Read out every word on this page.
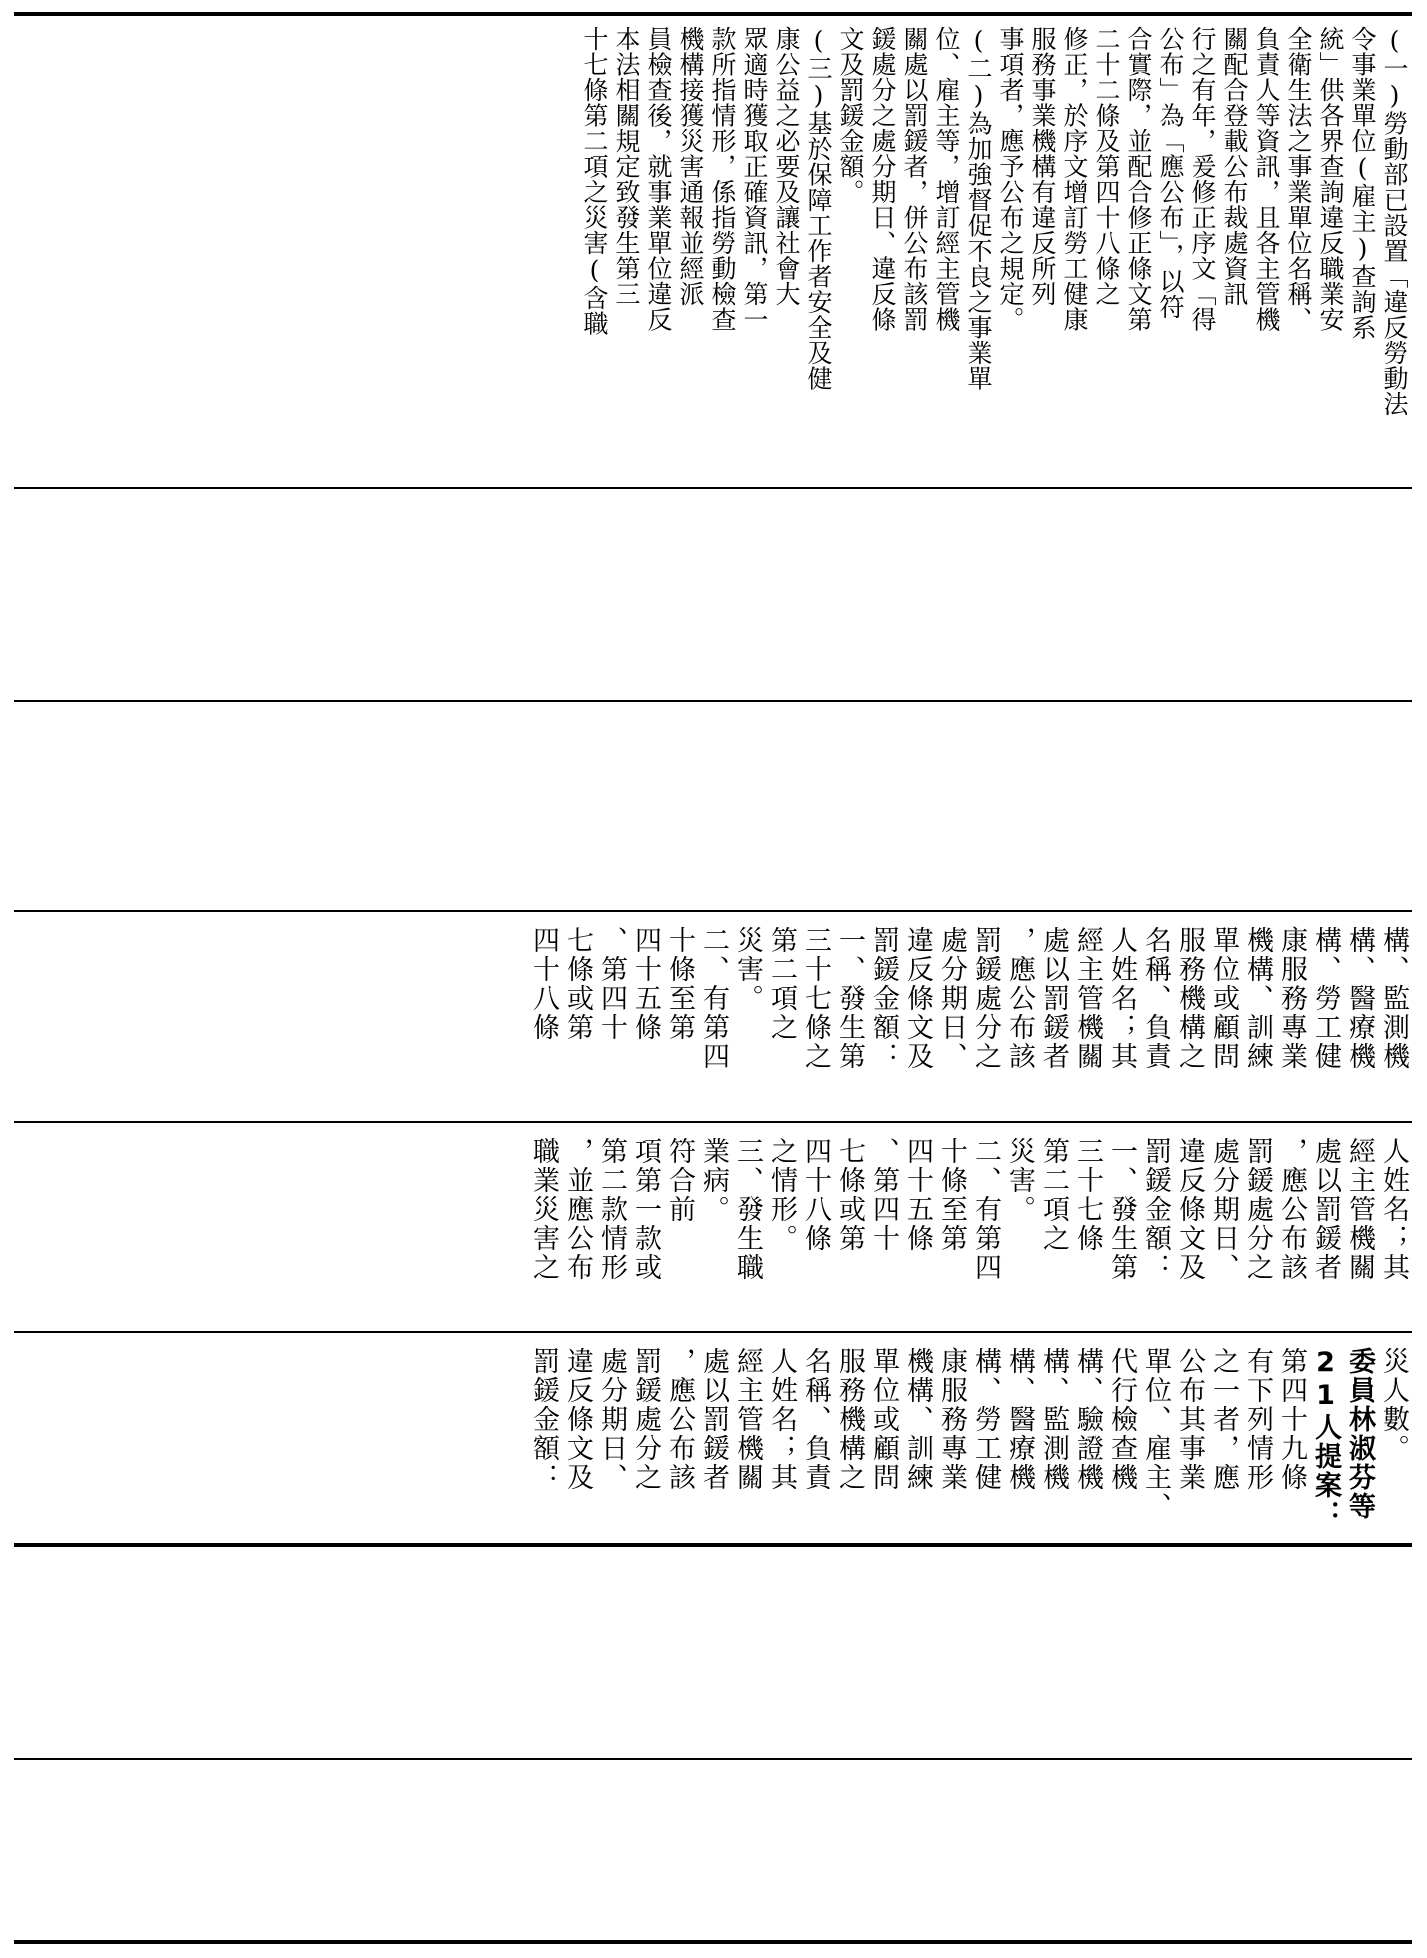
(一)勞動部已設置「違反勞動法
令事業單位(雇主)查詢系
統」供各界查詢違反職業安
全衛生法之事業單位名稱、
負責人等資訊，且各主管機
關配合登載公布裁處資訊
行之有年，爰修正序文「得
公布」為「應公布」，以符
合實際，並配合修正條文第
二十二條及第四十八條之
修正，於序文增訂勞工健康
服務事業機構有違反所列
事項者，應予公布之規定。
(二)為加強督促不良之事業單
位、雇主等，增訂經主管機
關處以罰鍰者，併公布該罰
鍰處分之處分期日、違反條
文及罰鍰金額。
(三)基於保障工作者安全及健
康公益之必要及讓社會大
眾適時獲取正確資訊，第一
款所指情形，係指勞動檢查
機構接獲災害通報並經派
員檢查後，就事業單位違反
本法相關規定致發生第三
十七條第二項之災害(含職
災人數。
委員林淑芬等
21人提案：
第四十九條
有下列情形
之一者，應
公布其事業
單位、雇主、
代行檢查機
構、驗證機
構、監測機
構、醫療機
構、勞工健
康服務專業
機構、訓練
單位或顧問
服務機構之
名稱、負責
人姓名；其
經主管機關
處以罰鍰者
，應公布該
罰鍰處分之
處分期日、
違反條文及
罰鍰金額：
人姓名；其
經主管機關
處以罰鍰者
，應公布該
罰鍰處分之
處分期日、
違反條文及
罰鍰金額：
一、發生第
三十七條
第二項之
災害。
二、有第四
十條至第
四十五條
、第四十
七條或第
四十八條
之情形。
三、發生職
業病。
符合前
項第一款或
第二款情形
，並應公布
職業災害之
構、監測機
構、醫療機
構、勞工健
康服務專業
機構、訓練
單位或顧問
服務機構之
名稱、負責
人姓名；其
經主管機關
處以罰鍰者
，應公布該
罰鍰處分之
處分期日、
違反條文及
罰鍰金額：
一、發生第
三十七條之
第二項之
災害。
二、有第四
十條至第
四十五條
、第四十
七條或第
四十八條
